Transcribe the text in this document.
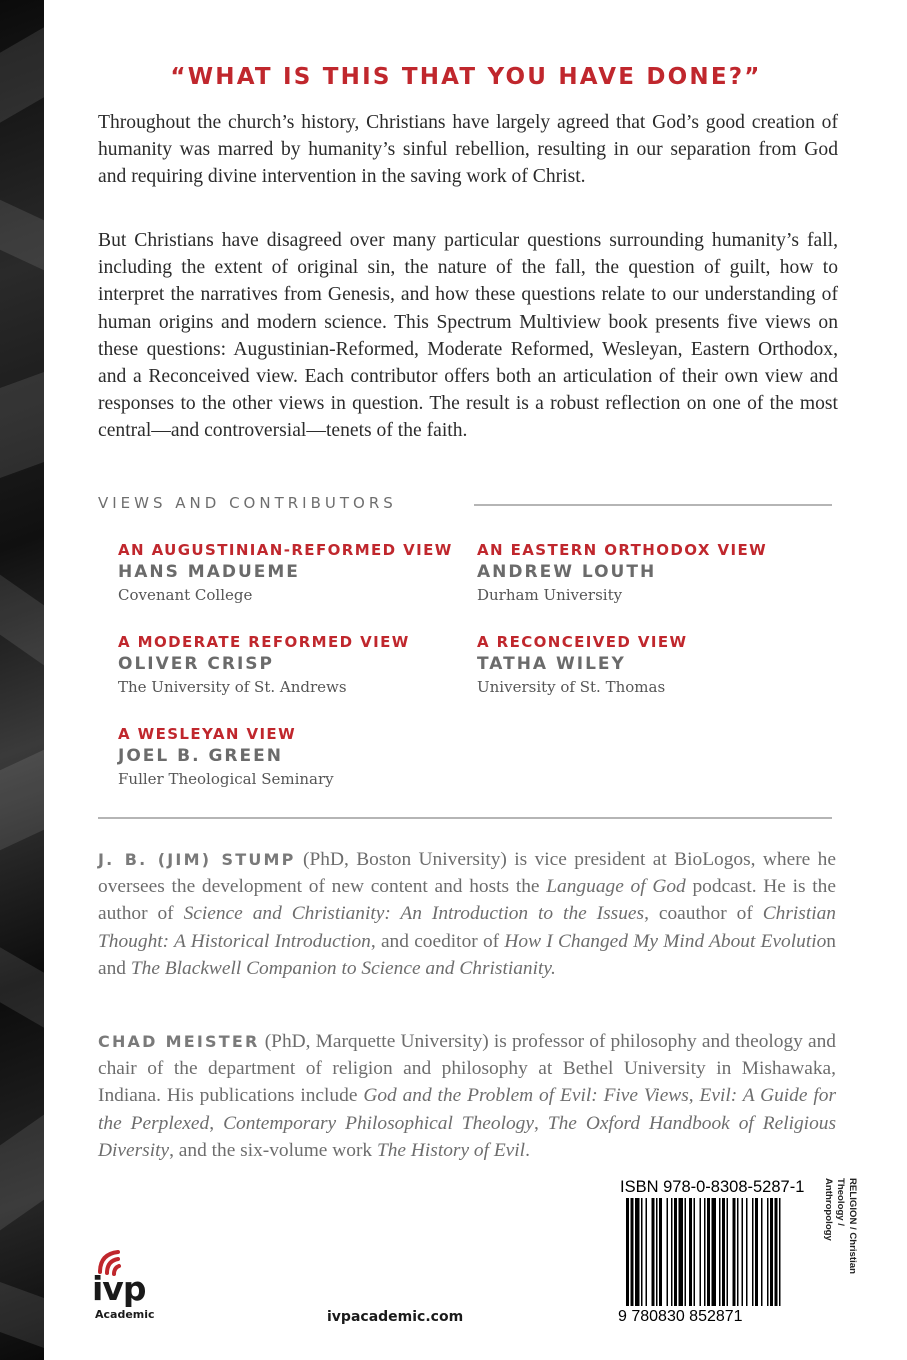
“WHAT IS THIS THAT YOU HAVE DONE?”

Throughout the church’s history, Christians have largely agreed that God’s good creation of humanity was marred by humanity’s sinful rebellion, resulting in our separation from God and requiring divine intervention in the saving work of Christ.

But Christians have disagreed over many particular questions surrounding humanity’s fall, including the extent of original sin, the nature of the fall, the question of guilt, how to interpret the narratives from Genesis, and how these questions relate to our understanding of human origins and modern science. This Spectrum Multiview book presents five views on these questions: Augustinian-Reformed, Moderate Reformed, Wesleyan, Eastern Orthodox, and a Reconceived view. Each contributor offers both an articulation of their own view and responses to the other views in question. The result is a robust reflection on one of the most central—and controversial—tenets of the faith.

VIEWS AND CONTRIBUTORS
AN AUGUSTINIAN-REFORMED VIEW
HANS MADUEME
Covenant College
AN EASTERN ORTHODOX VIEW
ANDREW LOUTH
Durham University
A MODERATE REFORMED VIEW
OLIVER CRISP
The University of St. Andrews
A RECONCEIVED VIEW
TATHA WILEY
University of St. Thomas
A WESLEYAN VIEW
JOEL B. GREEN
Fuller Theological Seminary

J. B. (JIM) STUMP (PhD, Boston University) is vice president at BioLogos, where he oversees the development of new content and hosts the Language of God podcast. He is the author of Science and Christianity: An Introduction to the Issues, coauthor of Christian Thought: A Historical Introduction, and coeditor of How I Changed My Mind About Evolution and The Blackwell Companion to Science and Christianity.

CHAD MEISTER (PhD, Marquette University) is professor of philosophy and theology and chair of the department of religion and philosophy at Bethel University in Mishawaka, Indiana. His publications include God and the Problem of Evil: Five Views, Evil: A Guide for the Perplexed, Contemporary Philosophical Theology, The Oxford Handbook of Religious Diversity, and the six-volume work The History of Evil.

ivp
Academic	ivpacademic.com
ISBN 978-0-8308-5287-1
9 780830 852871
RELIGION / Christian Theology /
Anthropology
